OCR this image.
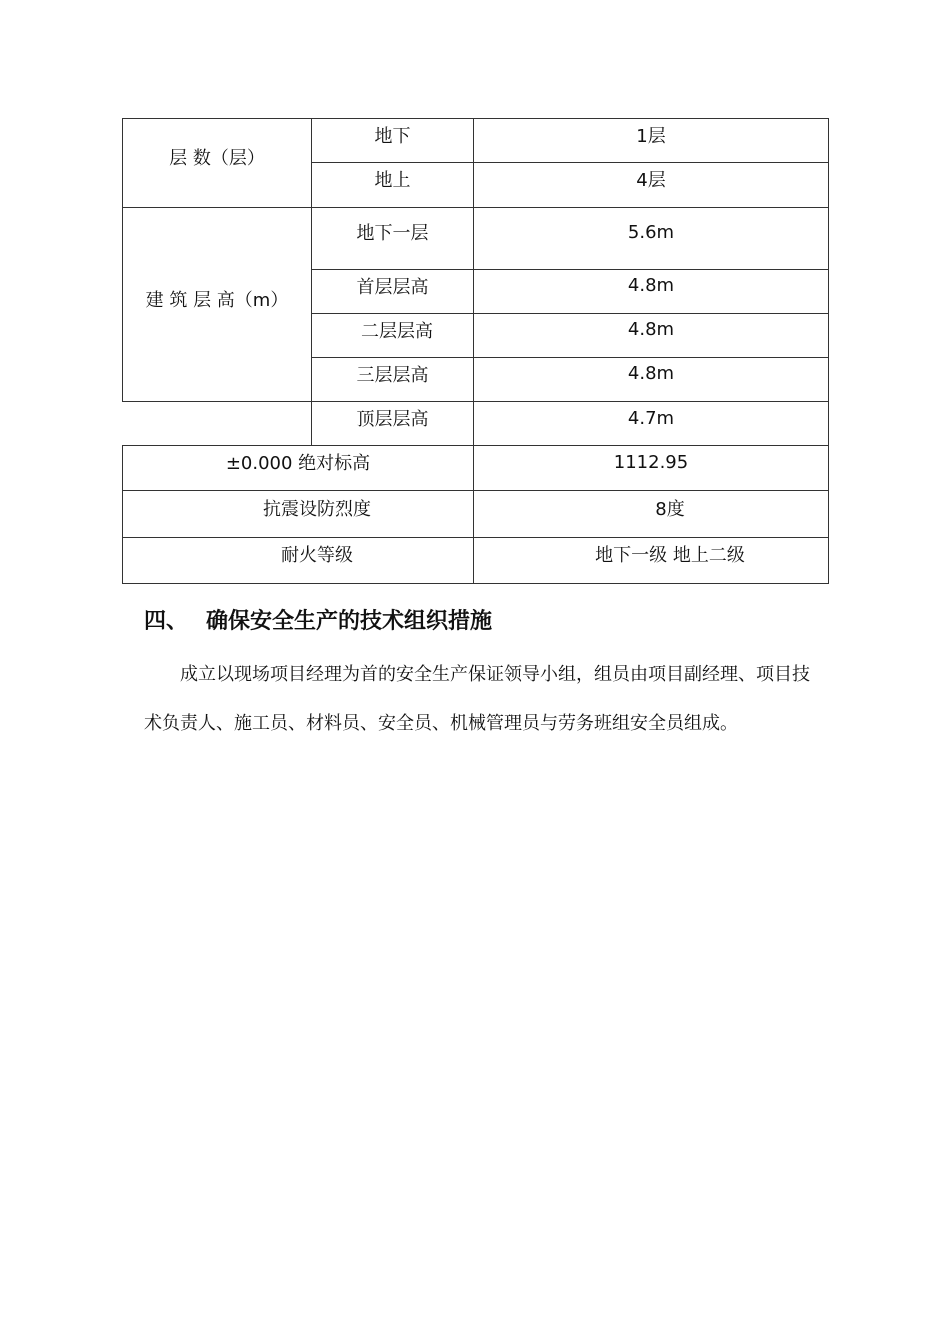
层 数（层）
地下	1层
地上	4层
建 筑 层 高（m）
地下一层	5.6m
首层层高	4.8m
二层层高	4.8m
三层层高	4.8m
顶层层高	4.7m
±0.000 绝对标高	1112.95
抗震设防烈度	8度
耐火等级	地下一级 地上二级
四、 确保安全生产的技术组织措施

成立以现场项目经理为首的安全生产保证领导小组，组员由项目副经理、项目技术负责人、施工员、材料员、安全员、机械管理员与劳务班组安全员组成。
